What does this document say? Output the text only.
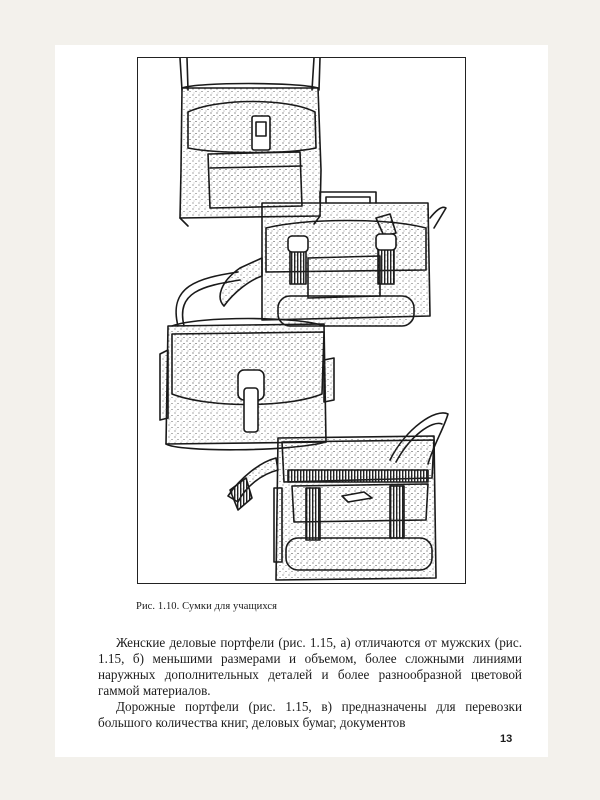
Рис. 1.10. Сумки для учащихся

Женские деловые портфели (рис. 1.15, а) отличаются от мужских (рис. 1.15, б) меньшими размерами и объемом, более сложными линиями наружных дополнительных деталей и более разнообразной цветовой гаммой материалов.

Дорожные портфели (рис. 1.15, в) предназначены для перевозки большого количества книг, деловых бумаг, документов

13
